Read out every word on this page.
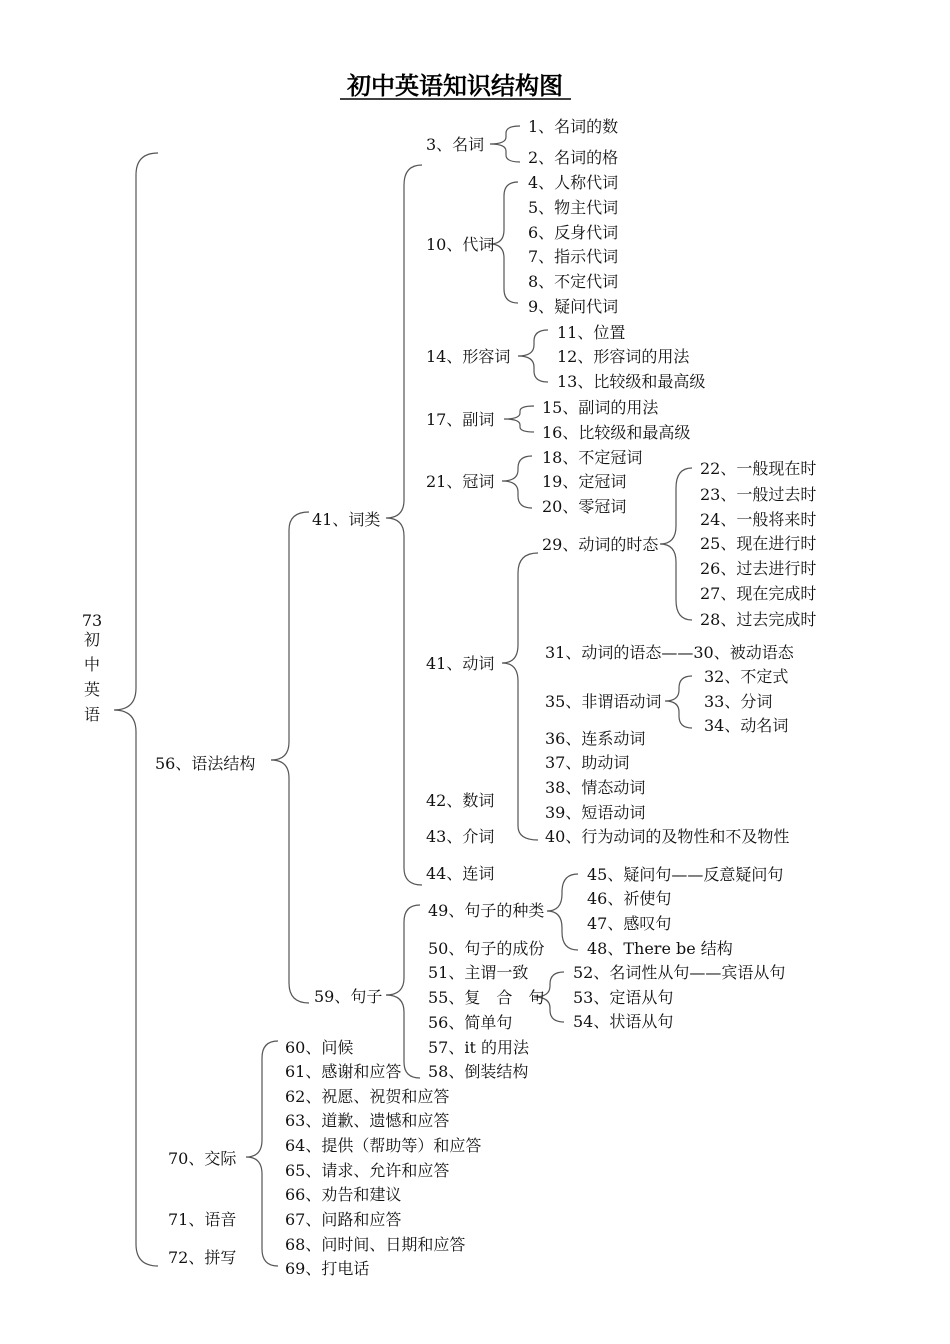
初中英语知识结构图
73
初
中
英
语
56、语法结构
70、交际
71、语音
72、拼写
41、词类
59、句子
3、名词
1、名词的数
2、名词的格
10、代词
4、人称代词
5、物主代词
6、反身代词
7、指示代词
8、不定代词
9、疑问代词
14、形容词
11、位置
12、形容词的用法
13、比较级和最高级
17、副词
15、副词的用法
16、比较级和最高级
21、冠词
18、不定冠词
19、定冠词
20、零冠词
41、动词
29、动词的时态
22、一般现在时
23、一般过去时
24、一般将来时
25、现在进行时
26、过去进行时
27、现在完成时
28、过去完成时
31、动词的语态——30、被动语态
35、非谓语动词
32、不定式
33、分词
34、动名词
36、连系动词
37、助动词
38、情态动词
39、短语动词
40、行为动词的及物性和不及物性
42、数词
43、介词
44、连词
49、句子的种类
45、疑问句——反意疑问句
46、祈使句
47、感叹句
48、There be 结构
50、句子的成份
51、主谓一致
55、复　合　句
52、名词性从句——宾语从句
53、定语从句
54、状语从句
56、简单句
57、it 的用法
58、倒装结构
60、问候
61、感谢和应答
62、祝愿、祝贺和应答
63、道歉、遗憾和应答
64、提供（帮助等）和应答
65、请求、允许和应答
66、劝告和建议
67、问路和应答
68、问时间、日期和应答
69、打电话
